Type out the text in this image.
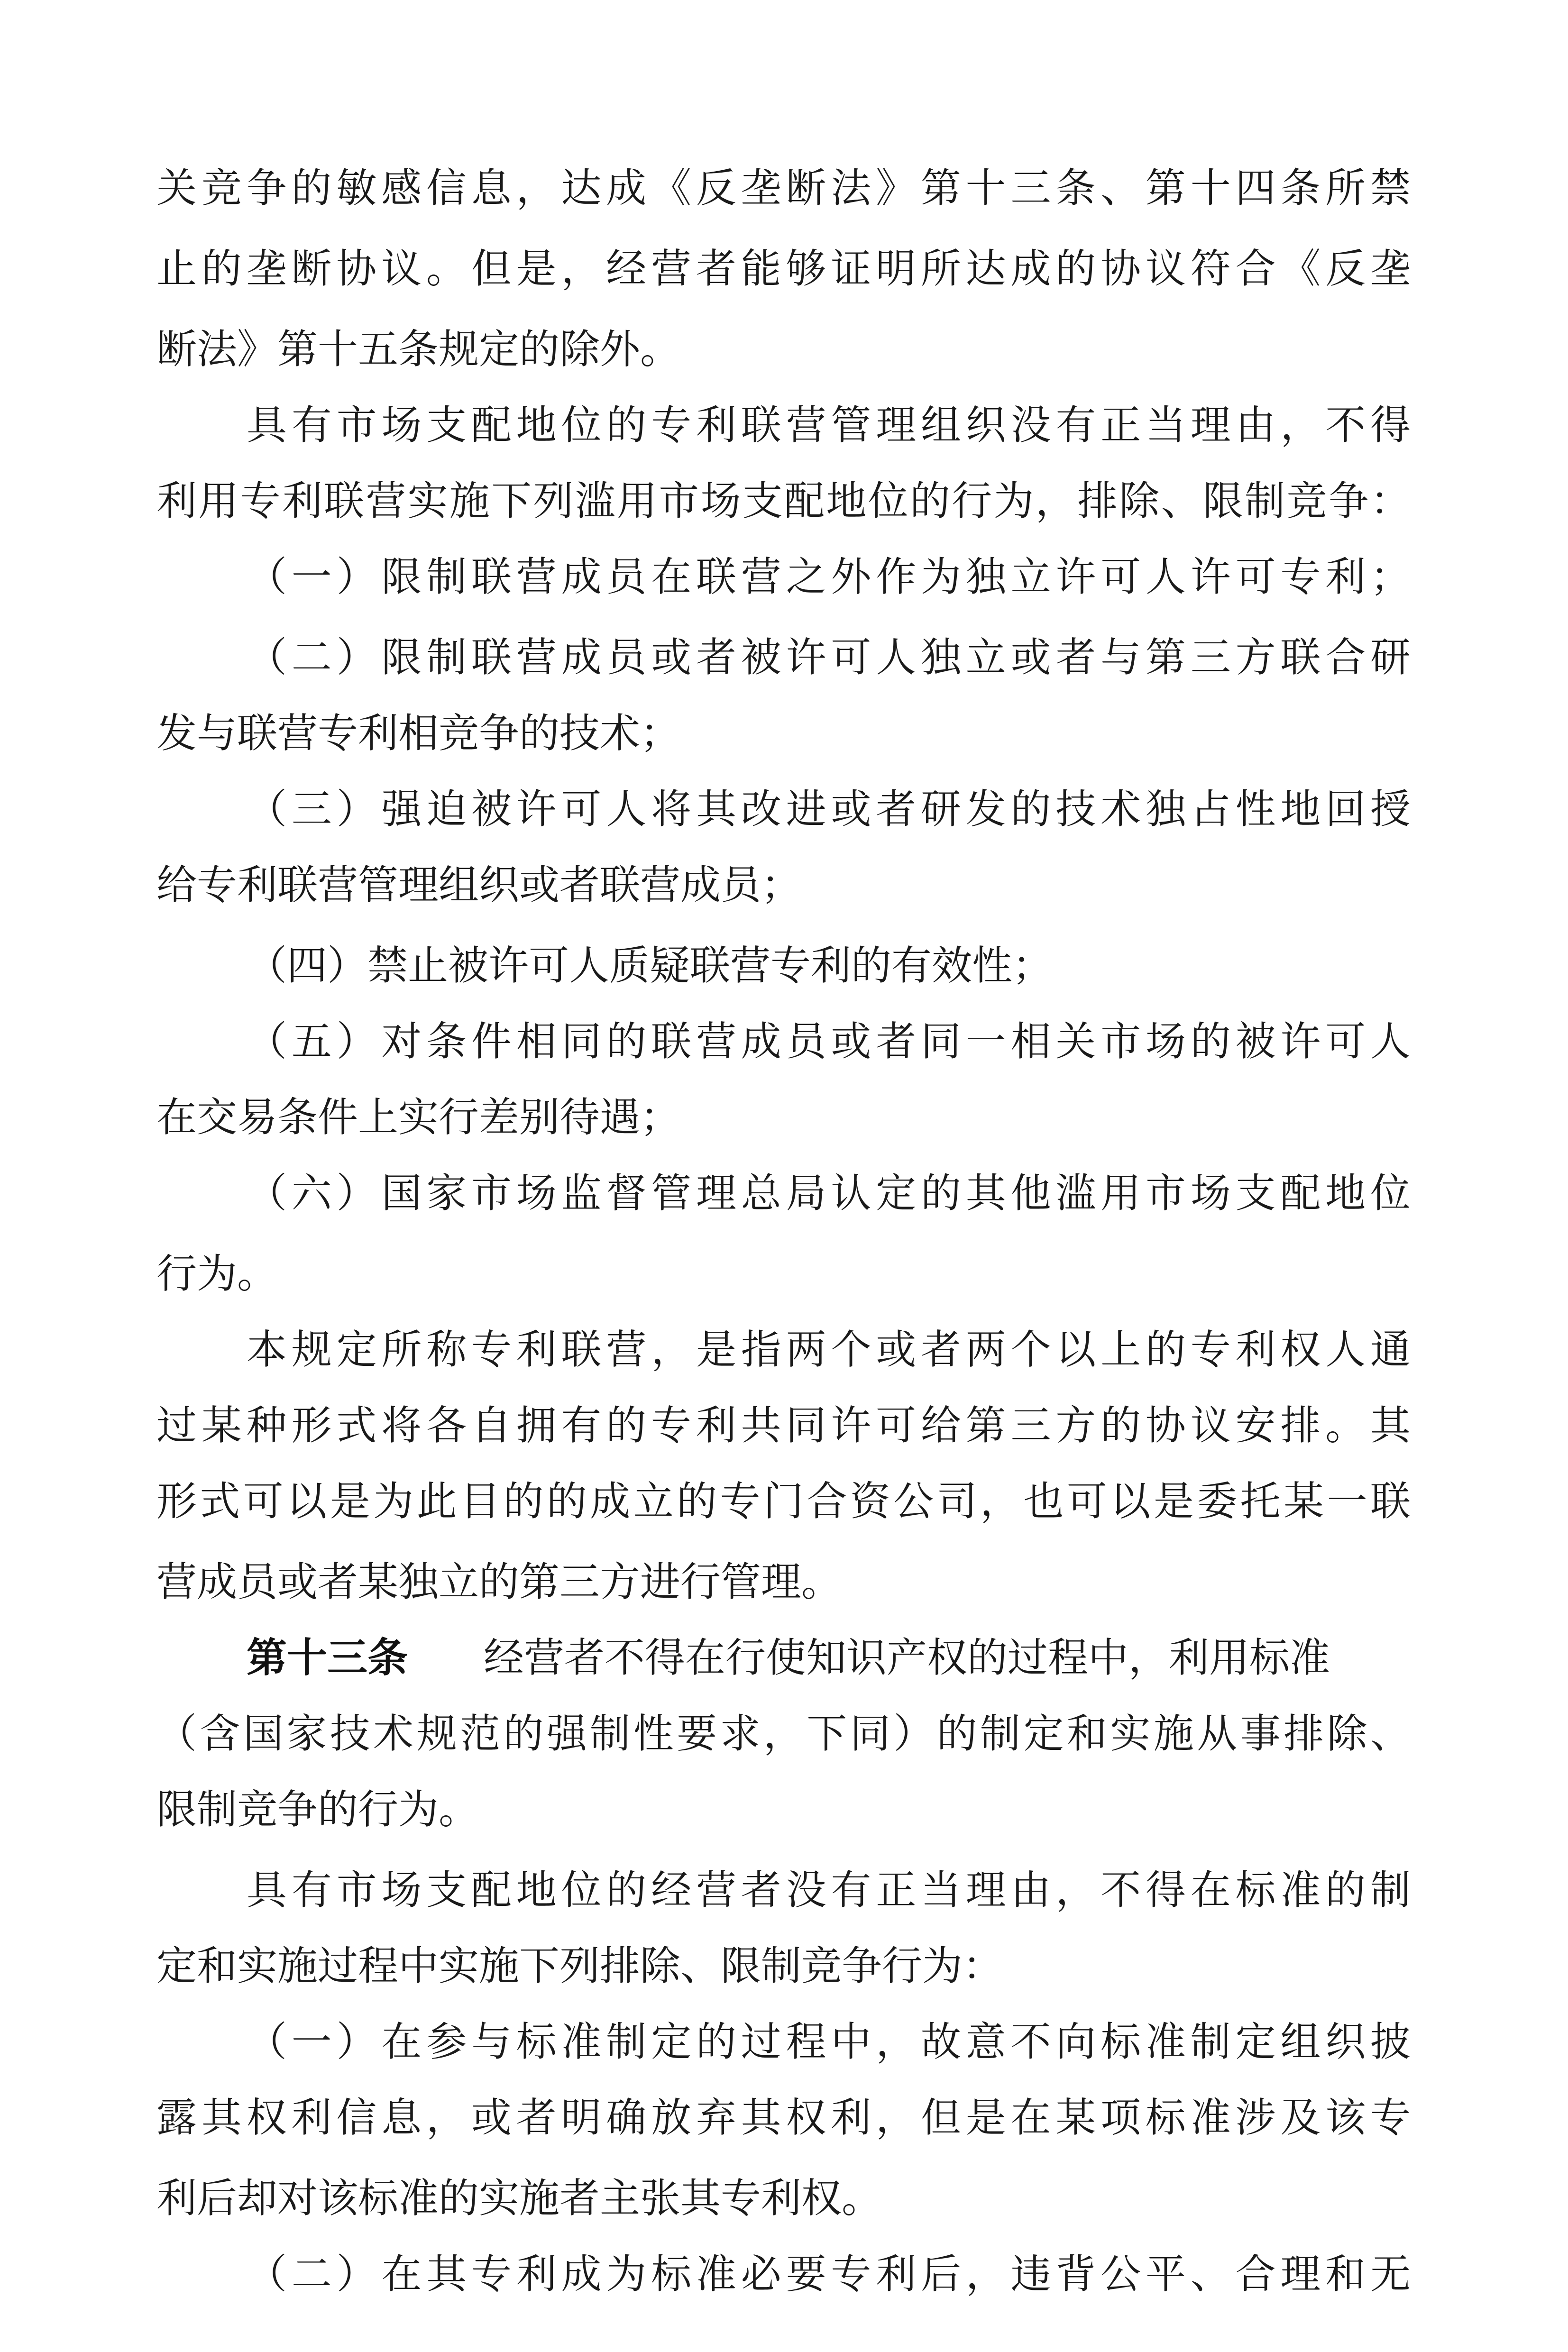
关竞争的敏感信息，达成《反垄断法》第十三条、第十四条所禁
止的垄断协议。但是，经营者能够证明所达成的协议符合《反垄
断法》第十五条规定的除外。
具有市场支配地位的专利联营管理组织没有正当理由，不得
利用专利联营实施下列滥用市场支配地位的行为，排除、限制竞争：
（一）限制联营成员在联营之外作为独立许可人许可专利；
（二）限制联营成员或者被许可人独立或者与第三方联合研
发与联营专利相竞争的技术；
（三）强迫被许可人将其改进或者研发的技术独占性地回授
给专利联营管理组织或者联营成员；
（四）禁止被许可人质疑联营专利的有效性；
（五）对条件相同的联营成员或者同一相关市场的被许可人
在交易条件上实行差别待遇；
（六）国家市场监督管理总局认定的其他滥用市场支配地位
行为。
本规定所称专利联营，是指两个或者两个以上的专利权人通
过某种形式将各自拥有的专利共同许可给第三方的协议安排。其
形式可以是为此目的的成立的专门合资公司，也可以是委托某一联
营成员或者某独立的第三方进行管理。
第十三条 经营者不得在行使知识产权的过程中，利用标准
（含国家技术规范的强制性要求，下同）的制定和实施从事排除、
限制竞争的行为。
具有市场支配地位的经营者没有正当理由，不得在标准的制
定和实施过程中实施下列排除、限制竞争行为：
（一）在参与标准制定的过程中，故意不向标准制定组织披
露其权利信息，或者明确放弃其权利，但是在某项标准涉及该专
利后却对该标准的实施者主张其专利权。
（二）在其专利成为标准必要专利后，违背公平、合理和无
